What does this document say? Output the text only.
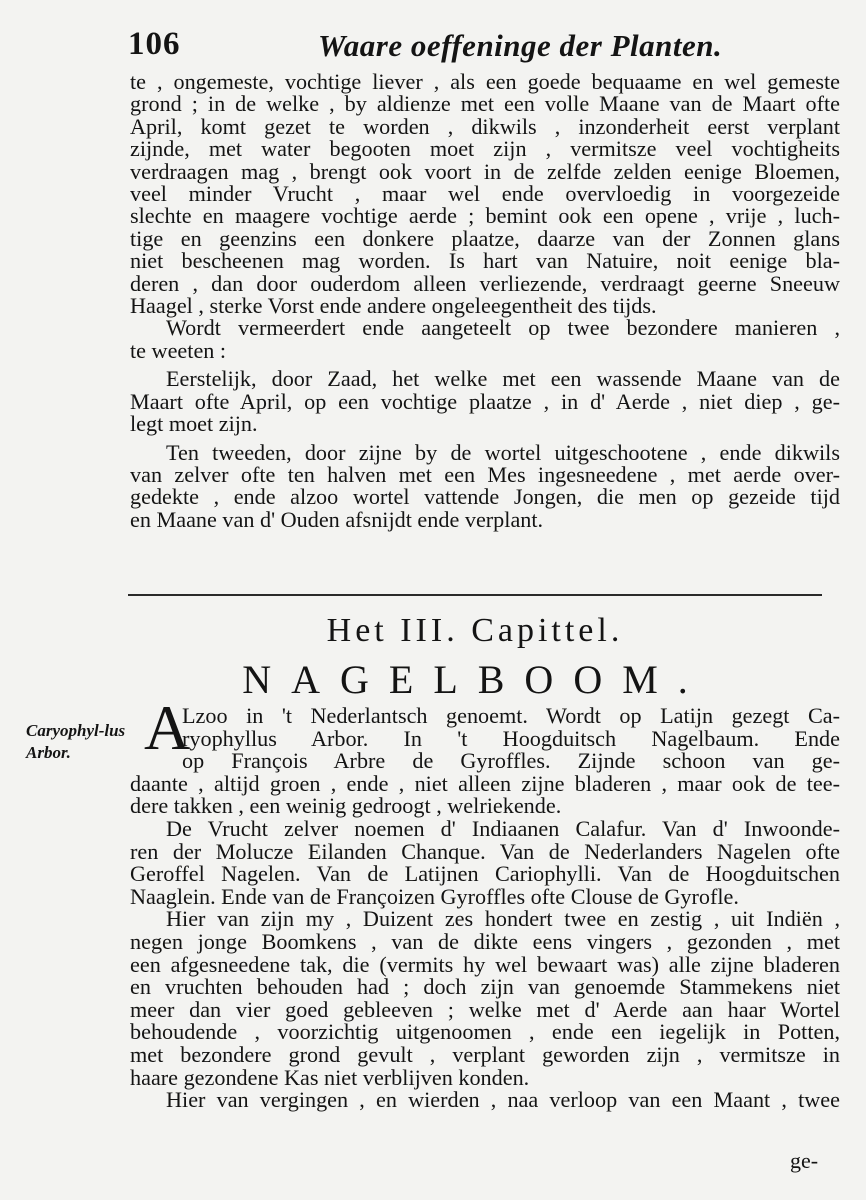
106	Waare oeffeninge der Planten.
te , ongemeste, vochtige liever , als een goede bequaame en wel gemeste
grond ; in de welke , by aldienze met een volle Maane van de Maart ofte
April, komt gezet te worden , dikwils , inzonderheit eerst verplant
zijnde, met water begooten moet zijn , vermitsze veel vochtigheits
verdraagen mag , brengt ook voort in de zelfde zelden eenige Bloemen,
veel minder Vrucht , maar wel ende overvloedig in voorgezeide
slechte en maagere vochtige aerde ; bemint ook een opene , vrije , luch-
tige en geenzins een donkere plaatze, daarze van der Zonnen glans
niet bescheenen mag worden. Is hart van Natuire, noit eenige bla-
deren , dan door ouderdom alleen verliezende, verdraagt geerne Sneeuw
Haagel , sterke Vorst ende andere ongeleegentheit des tijds.
Wordt vermeerdert ende aangeteelt op twee bezondere manieren ,
te weeten :
Eerstelijk, door Zaad, het welke met een wassende Maane van de
Maart ofte April, op een vochtige plaatze , in d' Aerde , niet diep , ge-
legt moet zijn.
Ten tweeden, door zijne by de wortel uitgeschootene , ende dikwils
van zelver ofte ten halven met een Mes ingesneedene , met aerde over-
gedekte , ende alzoo wortel vattende Jongen, die men op gezeide tijd
en Maane van d' Ouden afsnijdt ende verplant.
Het III. Capittel.
NAGELBOOM.
Caryophyl-lus Arbor.	A
Lzoo in 't Nederlantsch genoemt. Wordt op Latijn gezegt Ca-
ryophyllus Arbor. In 't Hoogduitsch Nagelbaum. Ende
op François Arbre de Gyroffles. Zijnde schoon van ge-
daante , altijd groen , ende , niet alleen zijne bladeren , maar ook de tee-
dere takken , een weinig gedroogt , welriekende.
De Vrucht zelver noemen d' Indiaanen Calafur. Van d' Inwoonde-
ren der Molucze Eilanden Chanque. Van de Nederlanders Nagelen ofte
Geroffel Nagelen. Van de Latijnen Cariophylli. Van de Hoogduitschen
Naaglein. Ende van de Françoizen Gyroffles ofte Clouse de Gyrofle.
Hier van zijn my , Duizent zes hondert twee en zestig , uit Indiën ,
negen jonge Boomkens , van de dikte eens vingers , gezonden , met
een afgesneedene tak, die (vermits hy wel bewaart was) alle zijne bladeren
en vruchten behouden had ; doch zijn van genoemde Stammekens niet
meer dan vier goed gebleeven ; welke met d' Aerde aan haar Wortel
behoudende , voorzichtig uitgenoomen , ende een iegelijk in Potten,
met bezondere grond gevult , verplant geworden zijn , vermitsze in
haare gezondene Kas niet verblijven konden.
Hier van vergingen , en wierden , naa verloop van een Maant , twee
ge-
